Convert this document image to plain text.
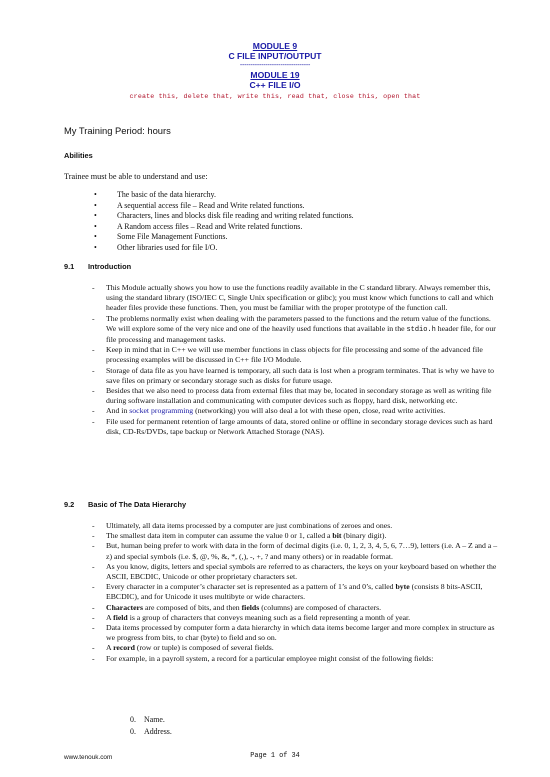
MODULE 9
C FILE INPUT/OUTPUT
---------------------------------
MODULE 19
C++ FILE I/O
create this, delete that, write this, read that, close this, open that
My Training Period: hours
Abilities
Trainee must be able to understand and use:
•	The basic of the data hierarchy.
•	A sequential access file – Read and Write related functions.
•	Characters, lines and blocks disk file reading and writing related functions.
•	A Random access files – Read and Write related functions.
•	Some File Management Functions.
•	Other libraries used for file I/O.
9.1 Introduction
- This Module actually shows you how to use the functions readily available in the C standard library. Always remember this, using the standard library (ISO/IEC C, Single Unix specification or glibc); you must know which functions to call and which header files provide these functions. Then, you must be familiar with the proper prototype of the function call.
- The problems normally exist when dealing with the parameters passed to the functions and the return value of the functions. We will explore some of the very nice and one of the heavily used functions that available in the stdio.h header file, for our file processing and management tasks.
- Keep in mind that in C++ we will use member functions in class objects for file processing and some of the advanced file processing examples will be discussed in C++ file I/O Module.
- Storage of data file as you have learned is temporary, all such data is lost when a program terminates. That is why we have to save files on primary or secondary storage such as disks for future usage.
- Besides that we also need to process data from external files that may be, located in secondary storage as well as writing file during software installation and communicating with computer devices such as floppy, hard disk, networking etc.
- And in socket programming (networking) you will also deal a lot with these open, close, read write activities.
- File used for permanent retention of large amounts of data, stored online or offline in secondary storage devices such as hard disk, CD-Rs/DVDs, tape backup or Network Attached Storage (NAS).
9.2 Basic of The Data Hierarchy
- Ultimately, all data items processed by a computer are just combinations of zeroes and ones.
- The smallest data item in computer can assume the value 0 or 1, called a bit (binary digit).
- But, human being prefer to work with data in the form of decimal digits (i.e. 0, 1, 2, 3, 4, 5, 6, 7…9), letters (i.e. A – Z and a – z) and special symbols (i.e. $, @, %, &, *, (,), -, +, ? and many others) or in readable format.
- As you know, digits, letters and special symbols are referred to as characters, the keys on your keyboard based on whether the ASCII, EBCDIC, Unicode or other proprietary characters set.
- Every character in a computer’s character set is represented as a pattern of 1’s and 0’s, called byte (consists 8 bits-ASCII, EBCDIC), and for Unicode it uses multibyte or wide characters.
- Characters are composed of bits, and then fields (columns) are composed of characters.
- A field is a group of characters that conveys meaning such as a field representing a month of year.
- Data items processed by computer form a data hierarchy in which data items become larger and more complex in structure as we progress from bits, to char (byte) to field and so on.
- A record (row or tuple) is composed of several fields.
- For example, in a payroll system, a record for a particular employee might consist of the following fields:
0. Name.
0. Address.
www.tenouk.com	Page 1 of 34
